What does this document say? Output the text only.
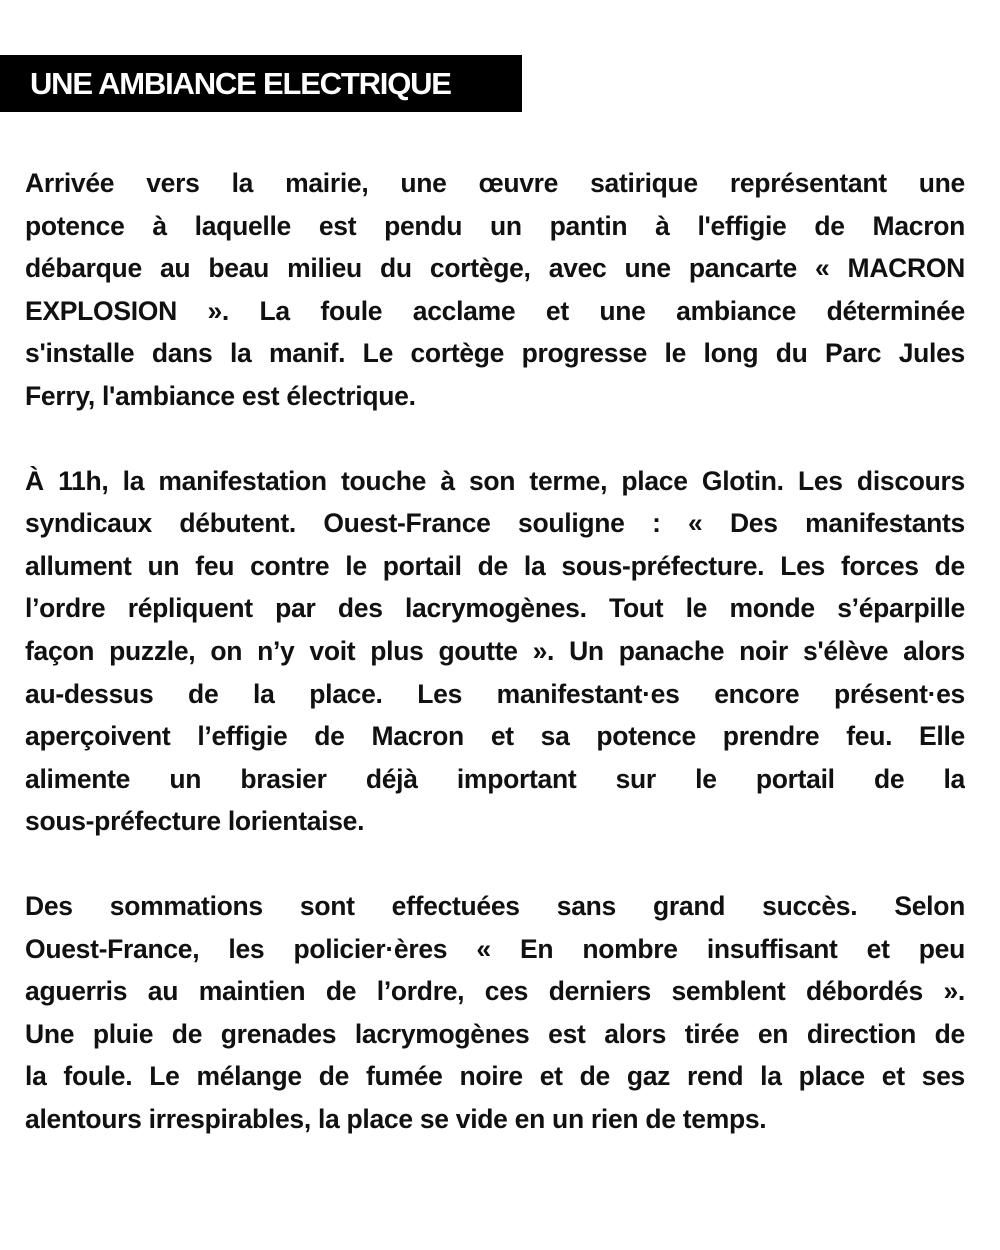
UNE AMBIANCE ELECTRIQUE

Arrivée vers la mairie, une œuvre satirique représentant une
potence à laquelle est pendu un pantin à l'effigie de Macron
débarque au beau milieu du cortège, avec une pancarte « MACRON
EXPLOSION ». La foule acclame et une ambiance déterminée
s'installe dans la manif. Le cortège progresse le long du Parc Jules
Ferry, l'ambiance est électrique.

À 11h, la manifestation touche à son terme, place Glotin. Les discours
syndicaux débutent. Ouest-France souligne : « Des manifestants
allument un feu contre le portail de la sous-préfecture. Les forces de
l’ordre répliquent par des lacrymogènes. Tout le monde s’éparpille
façon puzzle, on n’y voit plus goutte ». Un panache noir s'élève alors
au-dessus de la place. Les manifestant·es encore présent·es
aperçoivent l’effigie de Macron et sa potence prendre feu. Elle
alimente un brasier déjà important sur le portail de la
sous-préfecture lorientaise.

Des sommations sont effectuées sans grand succès. Selon
Ouest-France, les policier·ères « En nombre insuffisant et peu
aguerris au maintien de l’ordre, ces derniers semblent débordés ».
Une pluie de grenades lacrymogènes est alors tirée en direction de
la foule. Le mélange de fumée noire et de gaz rend la place et ses
alentours irrespirables, la place se vide en un rien de temps.
